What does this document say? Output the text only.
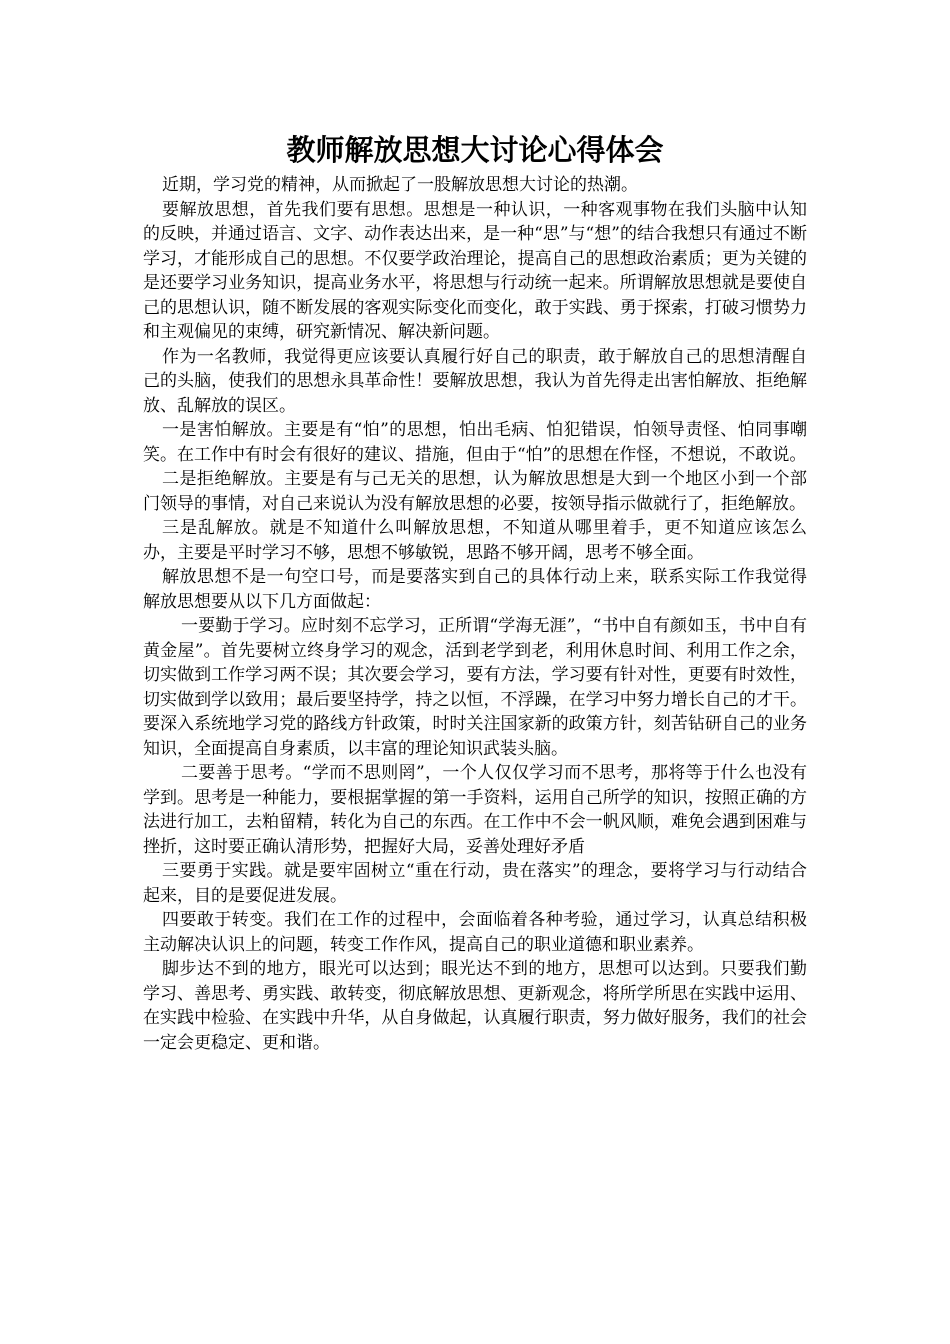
教师解放思想大讨论心得体会

近期，学习党的精神，从而掀起了一股解放思想大讨论的热潮。

要解放思想，首先我们要有思想。思想是一种认识，一种客观事物在我们头脑中认知的反映，并通过语言、文字、动作表达出来，是一种“思”与“想”的结合我想只有通过不断学习，才能形成自己的思想。不仅要学政治理论，提高自己的思想政治素质；更为关键的是还要学习业务知识，提高业务水平，将思想与行动统一起来。所谓解放思想就是要使自己的思想认识，随不断发展的客观实际变化而变化，敢于实践、勇于探索，打破习惯势力和主观偏见的束缚，研究新情况、解决新问题。

作为一名教师，我觉得更应该要认真履行好自己的职责，敢于解放自己的思想清醒自己的头脑，使我们的思想永具革命性！要解放思想，我认为首先得走出害怕解放、拒绝解放、乱解放的误区。

一是害怕解放。主要是有“怕”的思想，怕出毛病、怕犯错误，怕领导责怪、怕同事嘲笑。在工作中有时会有很好的建议、措施，但由于“怕”的思想在作怪，不想说，不敢说。

二是拒绝解放。主要是有与己无关的思想，认为解放思想是大到一个地区小到一个部门领导的事情，对自己来说认为没有解放思想的必要，按领导指示做就行了，拒绝解放。

三是乱解放。就是不知道什么叫解放思想，不知道从哪里着手，更不知道应该怎么办，主要是平时学习不够，思想不够敏锐，思路不够开阔，思考不够全面。

解放思想不是一句空口号，而是要落实到自己的具体行动上来，联系实际工作我觉得解放思想要从以下几方面做起：

一要勤于学习。应时刻不忘学习，正所谓“学海无涯”，“书中自有颜如玉，书中自有黄金屋”。首先要树立终身学习的观念，活到老学到老，利用休息时间、利用工作之余，切实做到工作学习两不误；其次要会学习，要有方法，学习要有针对性，更要有时效性，切实做到学以致用；最后要坚持学，持之以恒，不浮躁，在学习中努力增长自己的才干。要深入系统地学习党的路线方针政策，时时关注国家新的政策方针，刻苦钻研自己的业务知识，全面提高自身素质，以丰富的理论知识武装头脑。

二要善于思考。“学而不思则罔”，一个人仅仅学习而不思考，那将等于什么也没有学到。思考是一种能力，要根据掌握的第一手资料，运用自己所学的知识，按照正确的方法进行加工，去粕留精，转化为自己的东西。在工作中不会一帆风顺，难免会遇到困难与挫折，这时要正确认清形势，把握好大局，妥善处理好矛盾

三要勇于实践。就是要牢固树立“重在行动，贵在落实”的理念，要将学习与行动结合起来，目的是要促进发展。

四要敢于转变。我们在工作的过程中，会面临着各种考验，通过学习，认真总结积极主动解决认识上的问题，转变工作作风，提高自己的职业道德和职业素养。

脚步达不到的地方，眼光可以达到；眼光达不到的地方，思想可以达到。只要我们勤学习、善思考、勇实践、敢转变，彻底解放思想、更新观念，将所学所思在实践中运用、在实践中检验、在实践中升华，从自身做起，认真履行职责，努力做好服务，我们的社会一定会更稳定、更和谐。
